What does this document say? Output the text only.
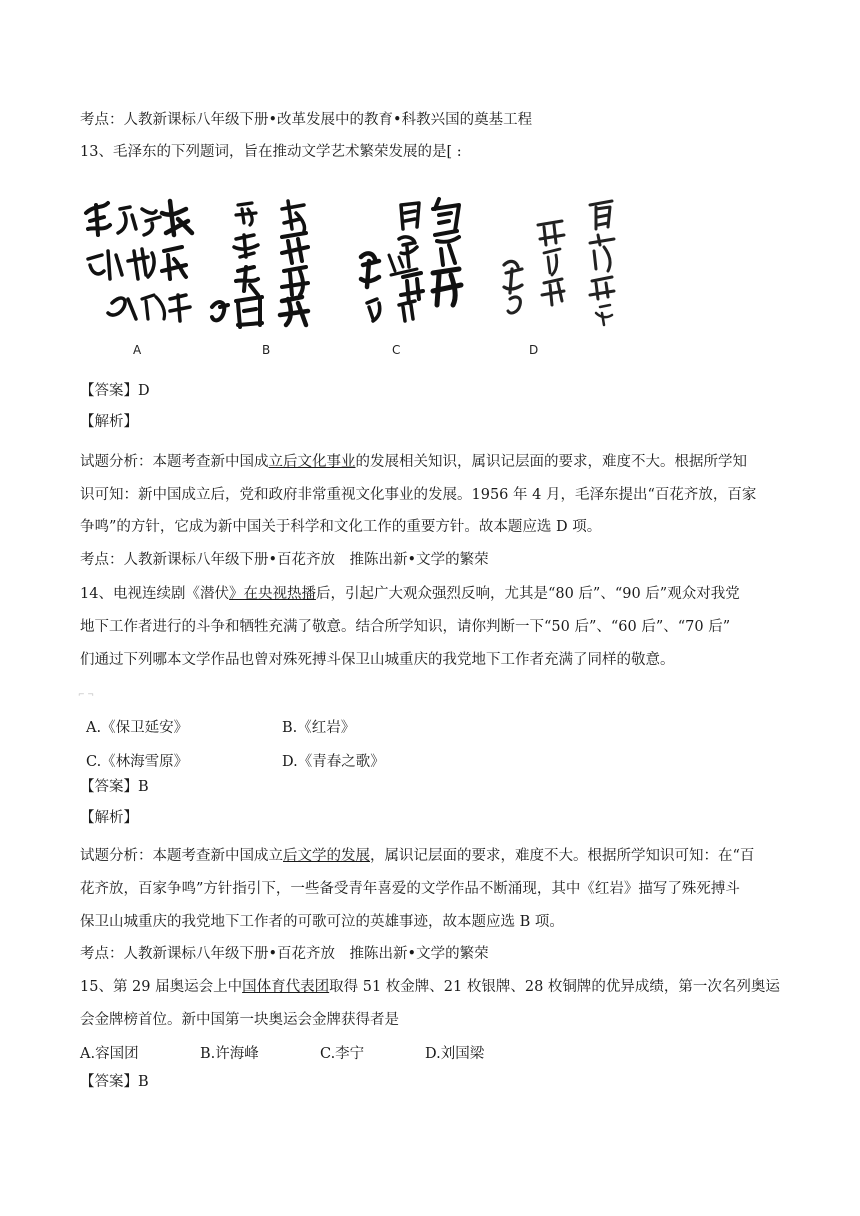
考点：人教新课标八年级下册•改革发展中的教育•科教兴国的奠基工程
13、毛泽东的下列题词，旨在推动文学艺术繁荣发展的是[ :
A	B	C	D
【答案】D
【解析】
试题分析：本题考查新中国成立后文化事业的发展相关知识，属识记层面的要求，难度不大。根据所学知
识可知：新中国成立后，党和政府非常重视文化事业的发展。1956 年 4 月，毛泽东提出“百花齐放，百家
争鸣”的方针，它成为新中国关于科学和文化工作的重要方针。故本题应选 D 项。
考点：人教新课标八年级下册•百花齐放　推陈出新•文学的繁荣
14、电视连续剧《潜伏》在央视热播后，引起广大观众强烈反响，尤其是“80 后”、“90 后”观众对我党
地下工作者进行的斗争和牺牲充满了敬意。结合所学知识，请你判断一下“50 后”、“60 后”、“70 后”
们通过下列哪本文学作品也曾对殊死搏斗保卫山城重庆的我党地下工作者充满了同样的敬意。
⌐ ¬
A.《保卫延安》	B.《红岩》
C.《林海雪原》	D.《青春之歌》
【答案】B
【解析】
试题分析：本题考查新中国成立后文学的发展，属识记层面的要求，难度不大。根据所学知识可知：在“百
花齐放，百家争鸣”方针指引下，一些备受青年喜爱的文学作品不断涌现，其中《红岩》描写了殊死搏斗
保卫山城重庆的我党地下工作者的可歌可泣的英雄事迹，故本题应选 B 项。
考点：人教新课标八年级下册•百花齐放　推陈出新•文学的繁荣
15、第 29 届奥运会上中国体育代表团取得 51 枚金牌、21 枚银牌、28 枚铜牌的优异成绩，第一次名列奥运
会金牌榜首位。新中国第一块奥运会金牌获得者是
A.容国团	B.许海峰	C.李宁	D.刘国梁
【答案】B
